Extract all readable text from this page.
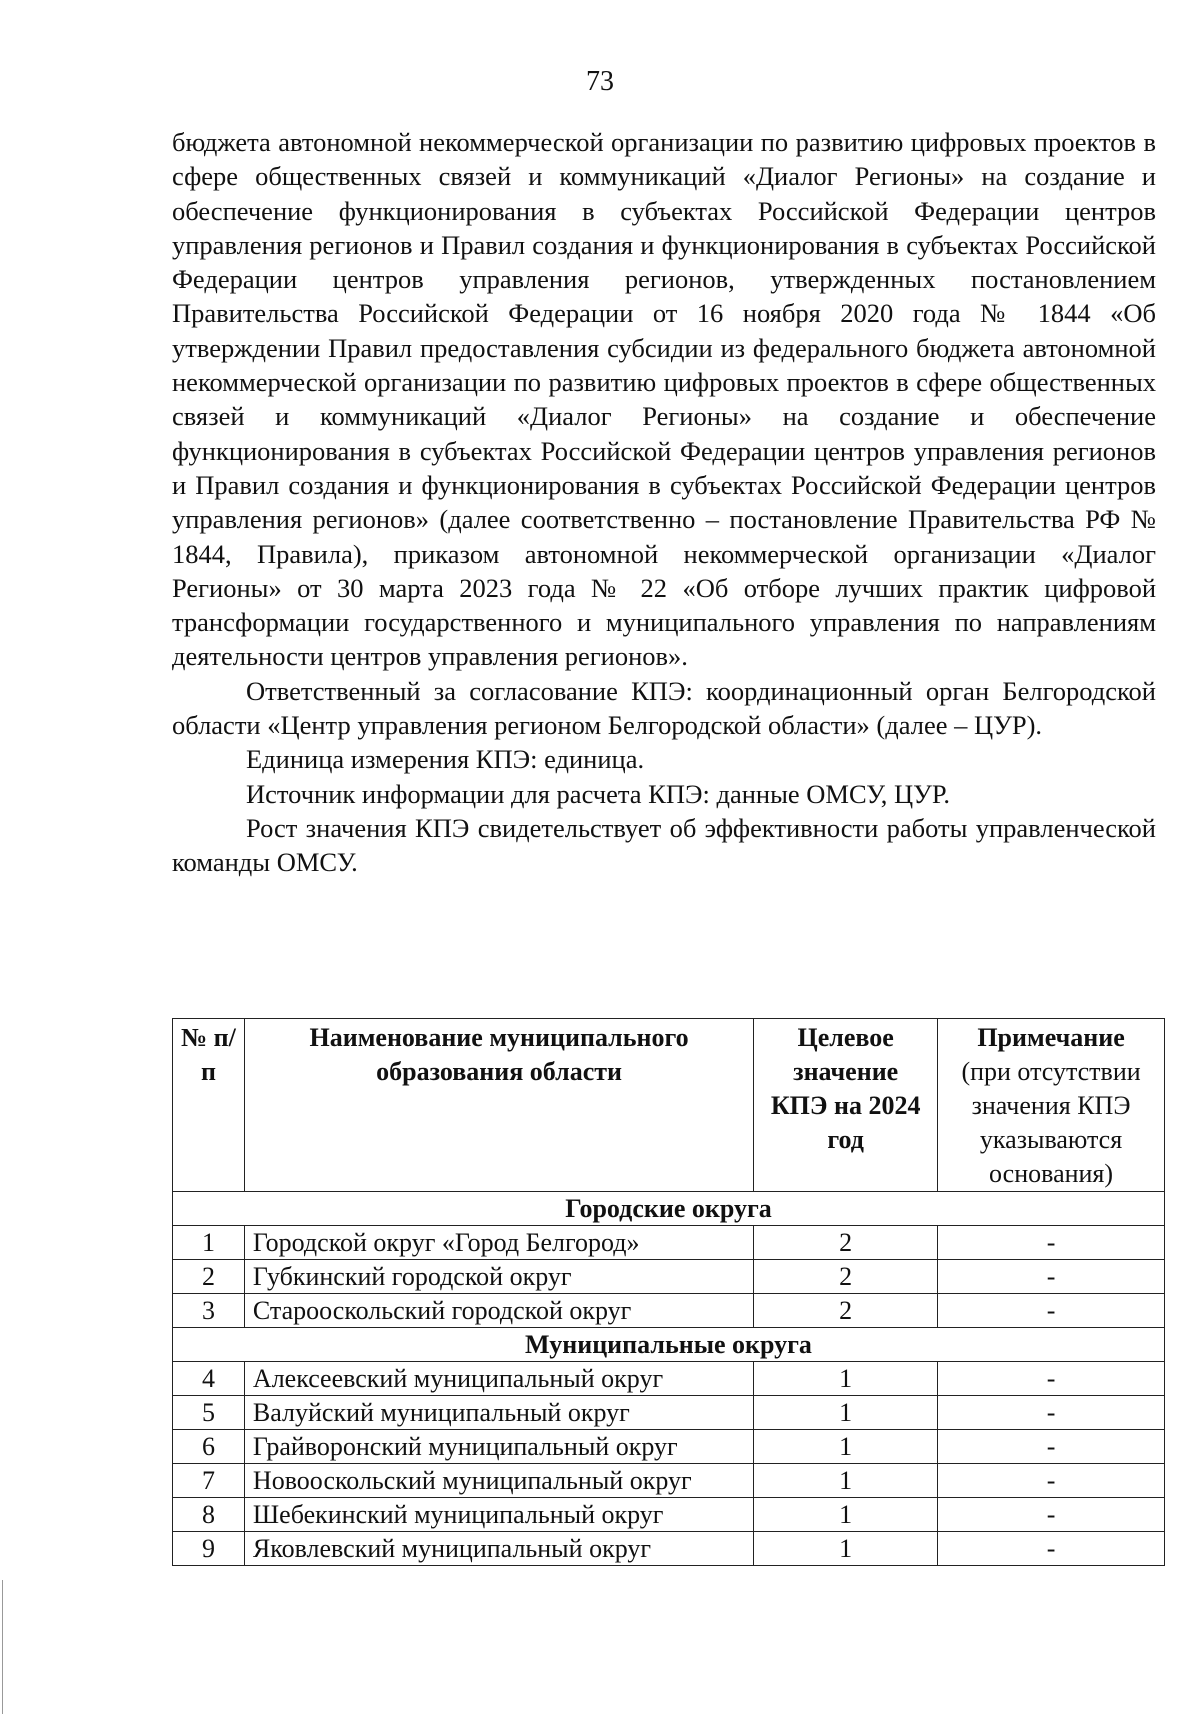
73

бюджета автономной некоммерческой организации по развитию цифровых проектов в сфере общественных связей и коммуникаций «Диалог Регионы» на создание и обеспечение функционирования в субъектах Российской Федерации центров управления регионов и Правил создания и функционирования в субъектах Российской Федерации центров управления регионов, утвержденных постановлением Правительства Российской Федерации от 16 ноября 2020 года № 1844 «Об утверждении Правил предоставления субсидии из федерального бюджета автономной некоммерческой организации по развитию цифровых проектов в сфере общественных связей и коммуникаций «Диалог Регионы» на создание и обеспечение функционирования в субъектах Российской Федерации центров управления регионов и Правил создания и функционирования в субъектах Российской Федерации центров управления регионов» (далее соответственно – постановление Правительства РФ № 1844, Правила), приказом автономной некоммерческой организации «Диалог Регионы» от 30 марта 2023 года № 22 «Об отборе лучших практик цифровой трансформации государственного и муниципального управления по направлениям деятельности центров управления регионов».

Ответственный за согласование КПЭ: координационный орган Белгородской области «Центр управления регионом Белгородской области» (далее – ЦУР).

Единица измерения КПЭ: единица.

Источник информации для расчета КПЭ: данные ОМСУ, ЦУР.

Рост значения КПЭ свидетельствует об эффективности работы управленческой команды ОМСУ.

№ п/п	Наименование муниципального образования области	Целевое значение КПЭ на 2024 год	Примечание
(при отсутствии значения КПЭ указываются основания)

Городские округа			
1	Городской округ «Город Белгород»	2	-
2	Губкинский городской округ	2	-
3	Старооскольский городской округ	2	-
Муниципальные округа			
4	Алексеевский муниципальный округ	1	-
5	Валуйский муниципальный округ	1	-
6	Грайворонский муниципальный округ	1	-
7	Новооскольский муниципальный округ	1	-
8	Шебекинский муниципальный округ	1	-
9	Яковлевский муниципальный округ	1	-
